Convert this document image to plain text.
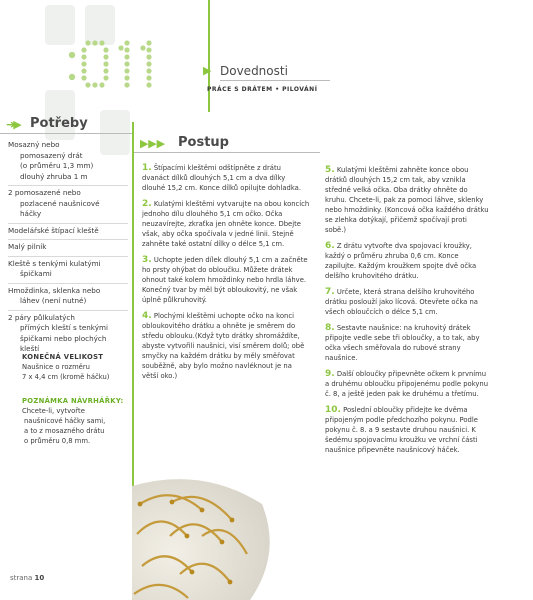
▶ Dovednosti
PRÁCE S DRÁTEM • PILOVÁNÍ
➜▶ Potřeby
Mosazný nebo
pomosazený drát
(o průměru 1,3 mm)
dlouhý zhruba 1 m
2 pomosazené nebo
pozlacené naušnicové
háčky
Modelářské štípací kleště
Malý pilník
Kleště s tenkými kulatými
špičkami
Hmoždinka, sklenka nebo
láhev (není nutné)
2 páry půlkulatých
přímých kleští s tenkými
špičkami nebo plochých
kleští
KONEČNÁ VELIKOST
Naušnice o rozměru
7 x 4,4 cm (kromě háčku)
POZNÁMKA NÁVRHÁŘKY:
Chcete-li, vytvořte
naušnicové háčky sami,
a to z mosazného drátu
o průměru 0,8 mm.
▶ ▶ ▶ Postup
1. Štípacími kleštěmi odštípněte z drátu dvanáct dílků dlouhých 5,1 cm a dva dílky dlouhé 15,2 cm. Konce dílků opilujte dohladka.
2. Kulatými kleštěmi vytvarujte na obou koncích jednoho dílu dlouhého 5,1 cm očko. Očka neuzavírejte, zkraťka jen ohněte konce. Dbejte však, aby očka spočívala v jedné linii. Stejně zahněte také ostatní dílky o délce 5,1 cm.
3. Uchopte jeden dílek dlouhý 5,1 cm a začněte ho prsty ohýbat do obloučku. Můžete drátek ohnout také kolem hmoždinky nebo hrdla láhve. Konečný tvar by měl být obloukovitý, ne však úplně půlkruhovitý.
4. Plochými kleštěmi uchopte očko na konci obloukovitého drátku a ohněte je směrem do středu oblouku.(Když tyto drátky shromáždíte, abyste vytvořili naušnici, visí směrem dolů; obě smyčky na každém drátku by měly směřovat souběžně, aby bylo možno navléknout je na větší oko.)
5. Kulatými kleštěmi zahněte konce obou drátků dlouhých 15,2 cm tak, aby vznikla středně velká očka. Oba drátky ohněte do kruhu. Chcete-li, pak za pomoci láhve, sklenky nebo hmoždinky. (Koncová očka každého drátku se zlehka dotýkají, přičemž spočívají proti sobě.)
6. Z drátu vytvořte dva spojovací kroužky, každý o průměru zhruba 0,6 cm. Konce zapilujte. Každým kroužkem spojte dvě očka delšího kruhovitého drátku.
7. Určete, která strana delšího kruhovitého drátku poslouží jako lícová. Otevřete očka na všech obloučcích o délce 5,1 cm.
8. Sestavte naušnice: na kruhovitý drátek připojte vedle sebe tři obloučky, a to tak, aby očka všech směřovala do rubové strany naušnice.
9. Další obloučky připevněte očkem k prvnímu a druhému obloučku připojenému podle pokynu č. 8, a ještě jeden pak ke druhému a třetímu.
10. Poslední obloučky přidejte ke dvěma připojeným podle předchozího pokynu. Podle pokynu č. 8. a 9 sestavte druhou naušnici. K šedému spojovacímu kroužku ve vrchní části naušnice připevněte naušnicový háček.
strana 10
